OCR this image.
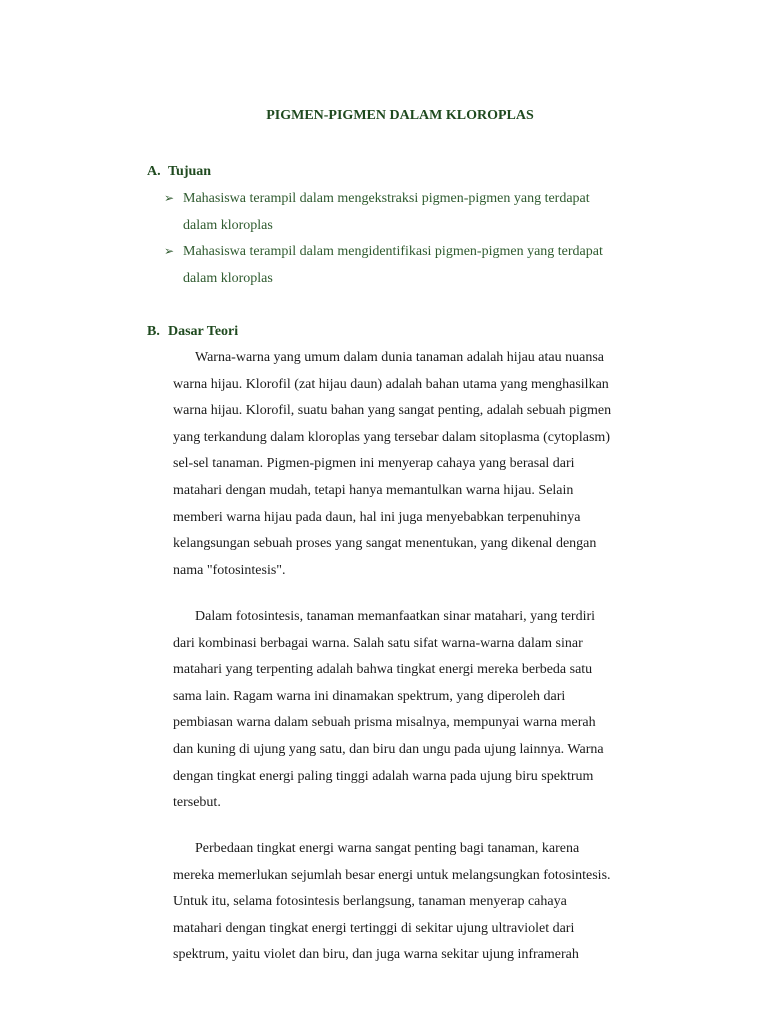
PIGMEN-PIGMEN DALAM KLOROPLAS
A. Tujuan
➢ Mahasiswa terampil dalam mengekstraksi pigmen-pigmen yang terdapat
dalam kloroplas
➢ Mahasiswa terampil dalam mengidentifikasi pigmen-pigmen yang terdapat
dalam kloroplas
B. Dasar Teori
Warna-warna yang umum dalam dunia tanaman adalah hijau atau nuansa
warna hijau. Klorofil (zat hijau daun) adalah bahan utama yang menghasilkan
warna hijau. Klorofil, suatu bahan yang sangat penting, adalah sebuah pigmen
yang terkandung dalam kloroplas yang tersebar dalam sitoplasma (cytoplasm)
sel-sel tanaman. Pigmen-pigmen ini menyerap cahaya yang berasal dari
matahari dengan mudah, tetapi hanya memantulkan warna hijau. Selain
memberi warna hijau pada daun, hal ini juga menyebabkan terpenuhinya
kelangsungan sebuah proses yang sangat menentukan, yang dikenal dengan
nama "fotosintesis".
Dalam fotosintesis, tanaman memanfaatkan sinar matahari, yang terdiri
dari kombinasi berbagai warna. Salah satu sifat warna-warna dalam sinar
matahari yang terpenting adalah bahwa tingkat energi mereka berbeda satu
sama lain. Ragam warna ini dinamakan spektrum, yang diperoleh dari
pembiasan warna dalam sebuah prisma misalnya, mempunyai warna merah
dan kuning di ujung yang satu, dan biru dan ungu pada ujung lainnya. Warna
dengan tingkat energi paling tinggi adalah warna pada ujung biru spektrum
tersebut.
Perbedaan tingkat energi warna sangat penting bagi tanaman, karena
mereka memerlukan sejumlah besar energi untuk melangsungkan fotosintesis.
Untuk itu, selama fotosintesis berlangsung, tanaman menyerap cahaya
matahari dengan tingkat energi tertinggi di sekitar ujung ultraviolet dari
spektrum, yaitu violet dan biru, dan juga warna sekitar ujung inframerah
